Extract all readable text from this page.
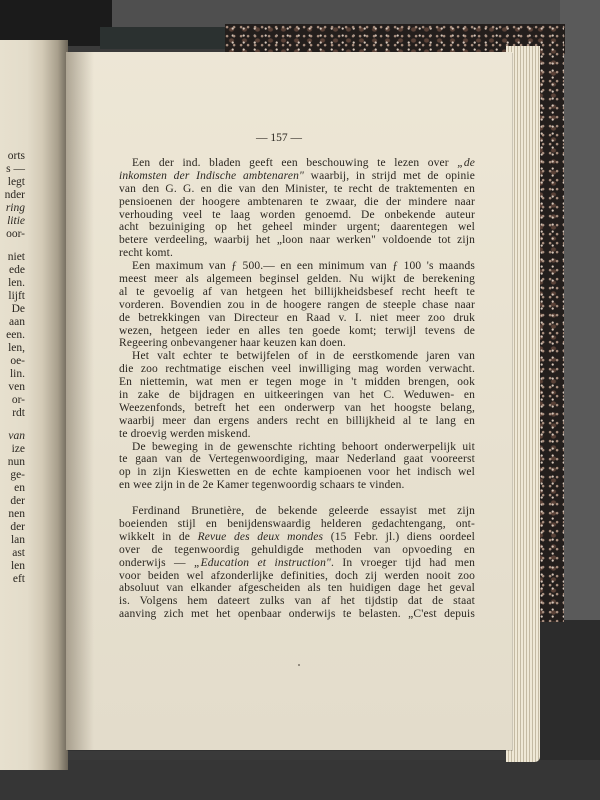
orts
s —
legt
nder
ring
litie
oor-
niet
ede
len.
lijft
De
aan
een.
len,
oe-
lin.
ven
or-
rdt
van
ize
nun
ge-
en
der
nen
der
lan
ast
len
eft
— 157 —
Een der ind. bladen geeft een beschouwing te lezen over „de
inkomsten der Indische ambtenaren" waarbij, in strijd met de opinie
van den G. G. en die van den Minister, te recht de traktementen en
pensioenen der hoogere ambtenaren te zwaar, die der mindere naar
verhouding veel te laag worden genoemd. De onbekende auteur
acht bezuiniging op het geheel minder urgent; daarentegen wel
betere verdeeling, waarbij het „loon naar werken" voldoende tot zijn
recht komt.
Een maximum van ƒ 500.— en een minimum van ƒ 100 's maands
meest meer als algemeen beginsel gelden. Nu wijkt de berekening
al te gevoelig af van hetgeen het billijkheidsbesef recht heeft te
vorderen. Bovendien zou in de hoogere rangen de steeple chase naar
de betrekkingen van Directeur en Raad v. I. niet meer zoo druk
wezen, hetgeen ieder en alles ten goede komt; terwijl tevens de
Regeering onbevangener haar keuzen kan doen.
Het valt echter te betwijfelen of in de eerstkomende jaren van
die zoo rechtmatige eischen veel inwilliging mag worden verwacht.
En niettemin, wat men er tegen moge in 't midden brengen, ook
in zake de bijdragen en uitkeeringen van het C. Weduwen- en
Weezenfonds, betreft het een onderwerp van het hoogste belang,
waarbij meer dan ergens anders recht en billijkheid al te lang en
te droevig werden miskend.
De beweging in de gewenschte richting behoort onderwerpelijk uit
te gaan van de Vertegenwoordiging, maar Nederland gaat vooreerst
op in zijn Kieswetten en de echte kampioenen voor het indisch wel
en wee zijn in de 2e Kamer tegenwoordig schaars te vinden.
Ferdinand Brunetière, de bekende geleerde essayist met zijn
boeienden stijl en benijdenswaardig helderen gedachtengang, ont-
wikkelt in de Revue des deux mondes (15 Febr. jl.) diens oordeel
over de tegenwoordig gehuldigde methoden van opvoeding en
onderwijs — „Education et instruction". In vroeger tijd had men
voor beiden wel afzonderlijke definities, doch zij werden nooit zoo
absoluut van elkander afgescheiden als ten huidigen dage het geval
is. Volgens hem dateert zulks van af het tijdstip dat de staat
aanving zich met het openbaar onderwijs te belasten. „C'est depuis
